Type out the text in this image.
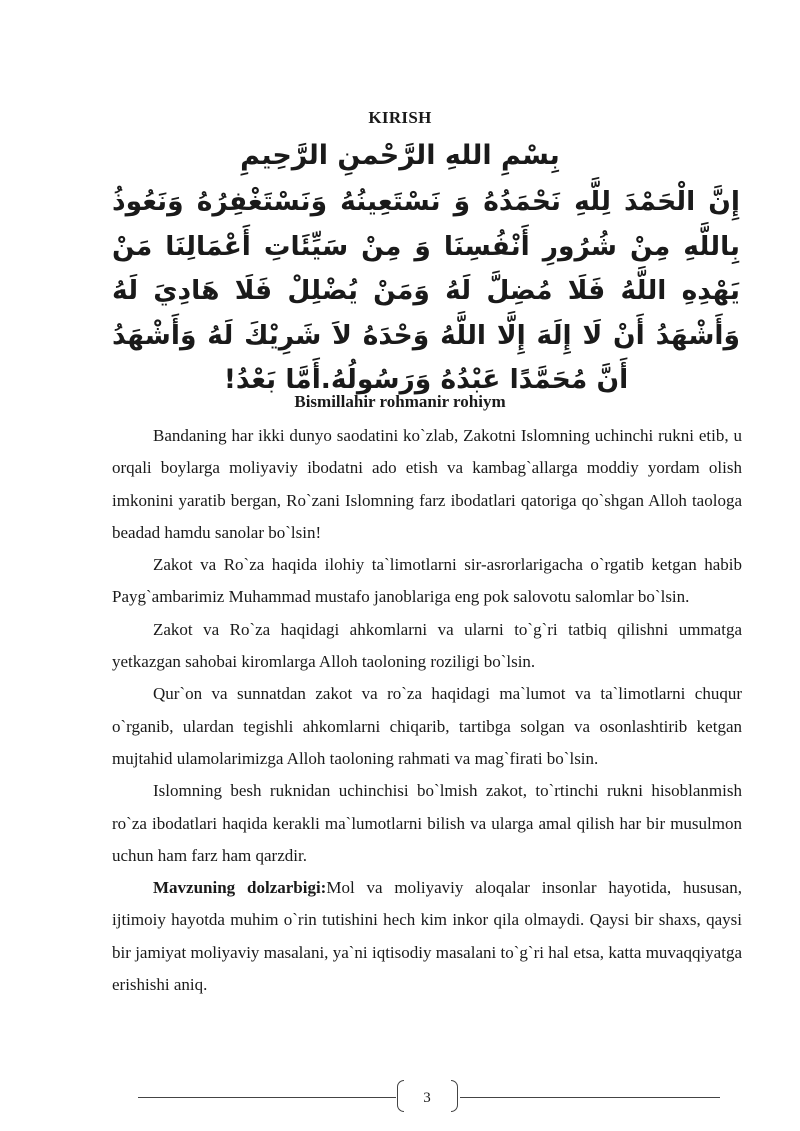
KIRISH
بِسْمِ اللهِ الرَّحْمنِ الرَّحِيمِ
إِنَّ الْحَمْدَ لِلَّهِ نَحْمَدُهُ وَ نَسْتَعِينُهُ وَنَسْتَغْفِرُهُ وَنَعُوذُ بِاللَّهِ مِنْ شُرُورِ أَنْفُسِنَا وَ مِنْ سَيِّئَاتِ أَعْمَالِنَا مَنْ يَهْدِهِ اللَّهُ فَلَا مُضِلَّ لَهُ وَمَنْ يُضْلِلْ فَلَا هَادِيَ لَهُ وَأَشْهَدُ أَنْ لَا إِلَهَ إِلَّا اللَّهُ وَحْدَهُ لاَ شَرِيْكَ لَهُ وَأَشْهَدُ أَنَّ مُحَمَّدًا عَبْدُهُ وَرَسُولُهُ.أَمَّا بَعْدُ!
Bismillahir rohmanir rohiym

Bandaning har ikki dunyo saodatini ko`zlab, Zakotni Islomning uchinchi rukni etib, u orqali boylarga moliyaviy ibodatni ado etish va kambag`allarga moddiy yordam olish imkonini yaratib bergan, Ro`zani Islomning farz ibodatlari qatoriga qo`shgan Alloh taologa beadad hamdu sanolar bo`lsin!

Zakot va Ro`za haqida ilohiy ta`limotlarni sir-asrorlarigacha o`rgatib ketgan habib Payg`ambarimiz Muhammad mustafo janoblariga eng pok salovotu salomlar bo`lsin.

Zakot va Ro`za haqidagi ahkomlarni va ularni to`g`ri tatbiq qilishni ummatga yetkazgan sahobai kiromlarga Alloh taoloning roziligi bo`lsin.

Qur`on va sunnatdan zakot va ro`za haqidagi ma`lumot va ta`limotlarni chuqur o`rganib, ulardan tegishli ahkomlarni chiqarib, tartibga solgan va osonlashtirib ketgan mujtahid ulamolarimizga Alloh taoloning rahmati va mag`firati bo`lsin.

Islomning besh ruknidan uchinchisi bo`lmish zakot, to`rtinchi rukni hisoblanmish ro`za ibodatlari haqida kerakli ma`lumotlarni bilish va ularga amal qilish har bir musulmon uchun ham farz ham qarzdir.

Mavzuning dolzarbigi:Mol va moliyaviy aloqalar insonlar hayotida, hususan, ijtimoiy hayotda muhim o`rin tutishini hech kim inkor qila olmaydi. Qaysi bir shaxs, qaysi bir jamiyat moliyaviy masalani, ya`ni iqtisodiy masalani to`g`ri hal etsa, katta muvaqqiyatga erishishi aniq.

3
